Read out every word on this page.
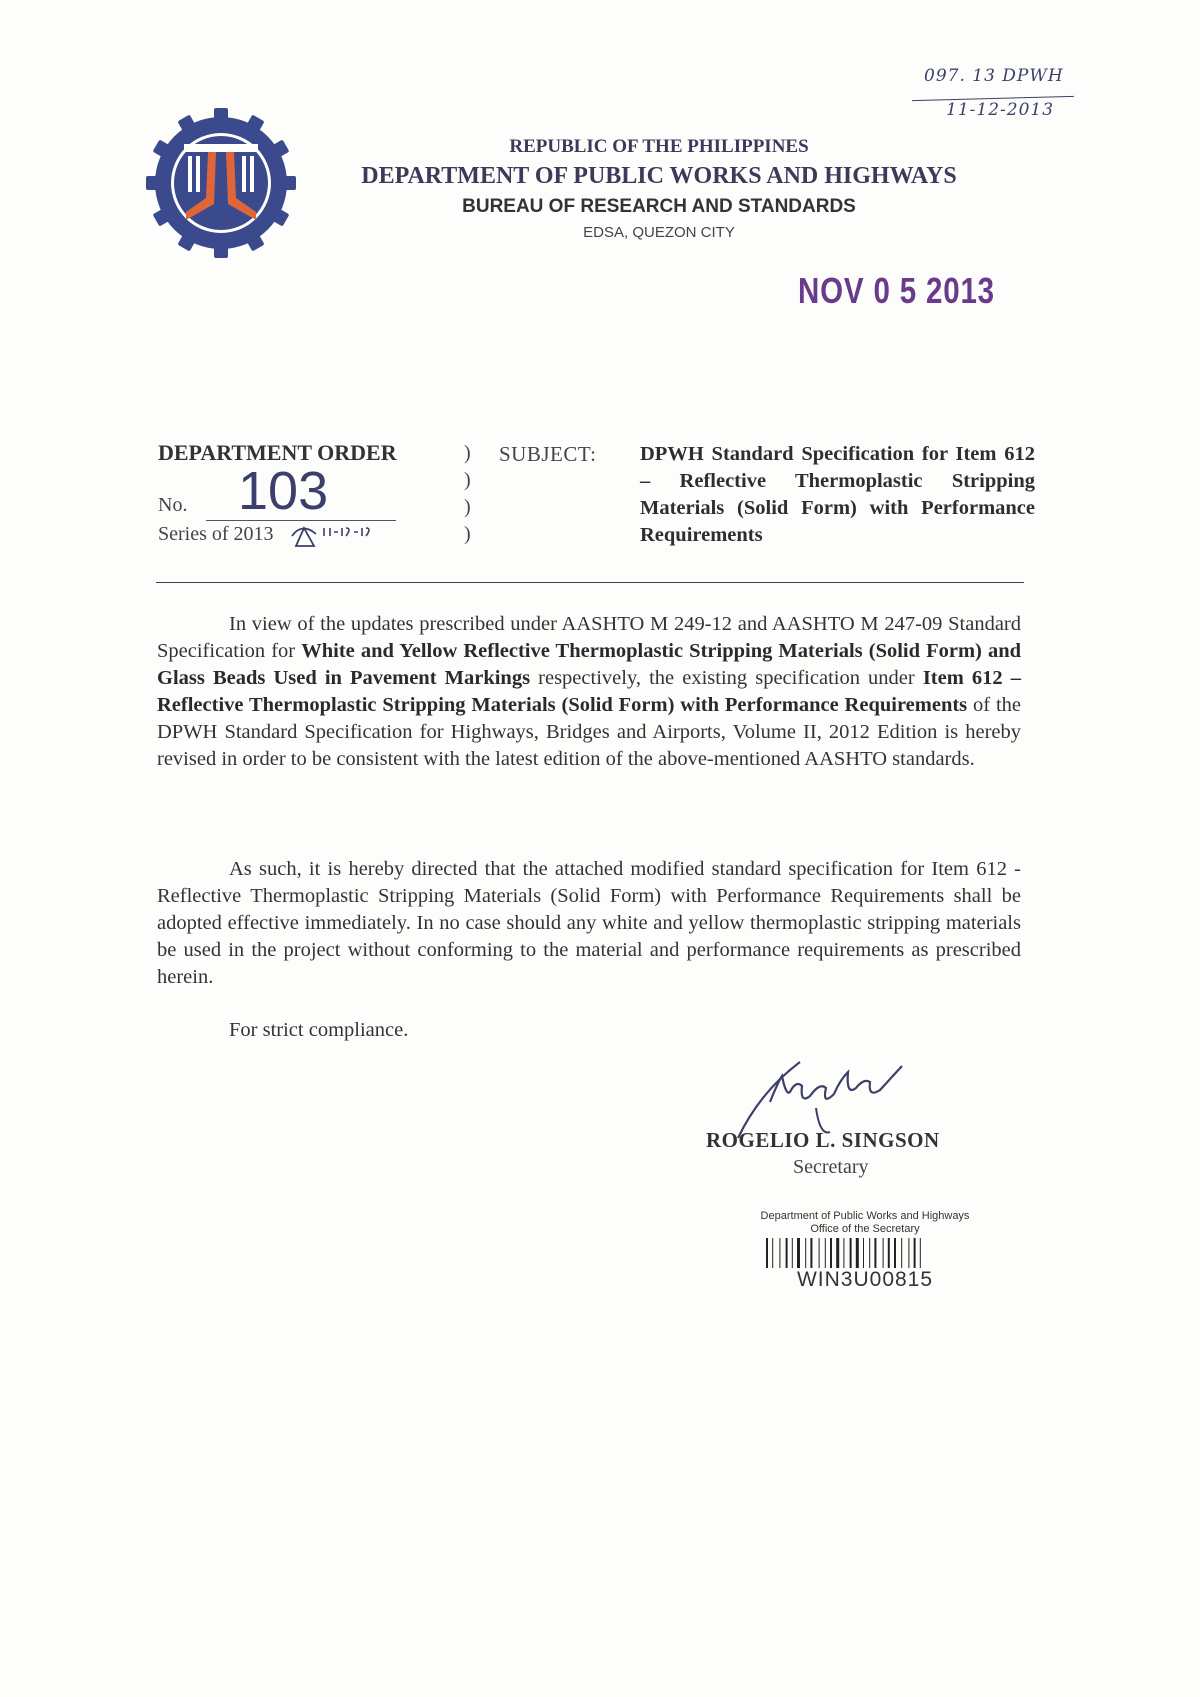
097. 13 DPWH
11-12-2013
REPUBLIC OF THE PHILIPPINES
DEPARTMENT OF PUBLIC WORKS AND HIGHWAYS
BUREAU OF RESEARCH AND STANDARDS
EDSA, QUEZON CITY
NOV 0 5 2013
DEPARTMENT ORDER
No. 103
Series of 2013
)
)
)
)
SUBJECT: DPWH Standard Specification for Item 612 – Reflective Thermoplastic Stripping Materials (Solid Form) with Performance Requirements
In view of the updates prescribed under AASHTO M 249-12 and AASHTO M 247-09 Standard Specification for White and Yellow Reflective Thermoplastic Stripping Materials (Solid Form) and Glass Beads Used in Pavement Markings respectively, the existing specification under Item 612 – Reflective Thermoplastic Stripping Materials (Solid Form) with Performance Requirements of the DPWH Standard Specification for Highways, Bridges and Airports, Volume II, 2012 Edition is hereby revised in order to be consistent with the latest edition of the above-mentioned AASHTO standards.
As such, it is hereby directed that the attached modified standard specification for Item 612 - Reflective Thermoplastic Stripping Materials (Solid Form) with Performance Requirements shall be adopted effective immediately. In no case should any white and yellow thermoplastic stripping materials be used in the project without conforming to the material and performance requirements as prescribed herein.
For strict compliance.
ROGELIO L. SINGSON
Secretary
Department of Public Works and Highways
Office of the Secretary
WIN3U00815
